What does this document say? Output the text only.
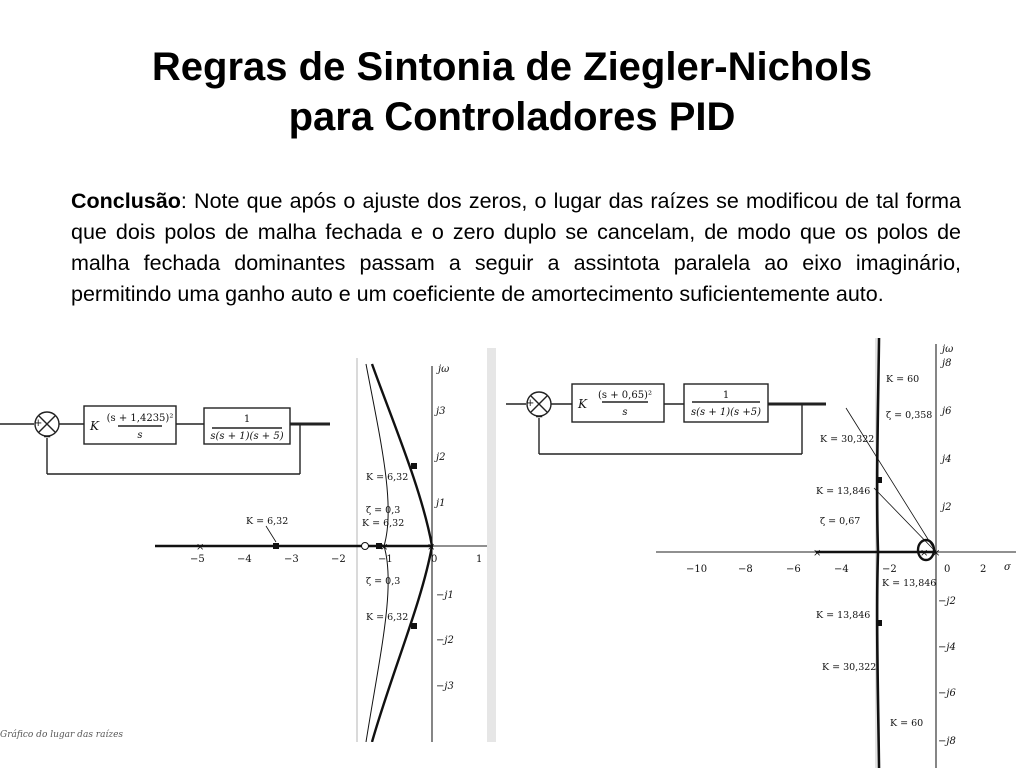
Regras de Sintonia de Ziegler-Nichols
para Controladores PID
Conclusão: Note que após o ajuste dos zeros, o lugar das raízes se modificou de tal forma que dois polos de malha fechada e o zero duplo se cancelam, de modo que os polos de malha fechada dominantes passam a seguir a assintota paralela ao eixo imaginário, permitindo uma ganho auto e um coeficiente de amortecimento suficientemente auto.
+
−
K
(s + 1,4235)²
s
1
s(s + 1)(s + 5)
jω
−5	−4	−3	−2	−1	0	1
j3
j2
j1
−j1
−j2
−j3
×	×	×
K = 6,32
ζ = 0,3
K = 6,32
K = 6,32
ζ = 0,3
K = 6,32
Gráfico do lugar das raízes
+
−
K
(s + 0,65)²
s
1
s(s + 1)(s +5)
jω
σ
−10	−8	−6	−4	−2	0	2
j8
j6
j4
j2
−j2
−j4
−j6
−j8
×	× ×
K = 60
ζ = 0,358
K = 30,322
K = 13,846
ζ = 0,67
K = 13,846
K = 13,846
K = 30,322
K = 60
